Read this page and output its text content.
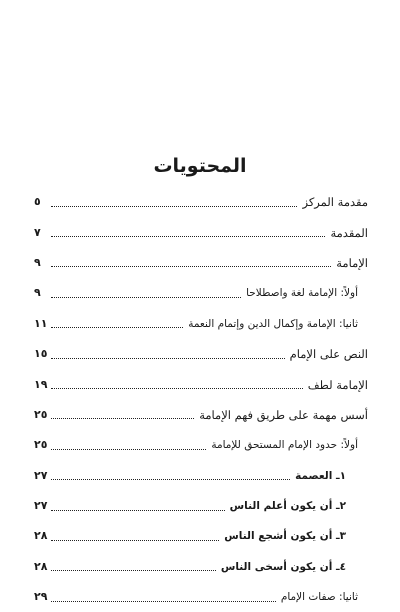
المحتويات
مقدمة المركز
٥
المقدمة
٧
الإمامة
٩
أولاً: الإمامة لغة واصطلاحا
٩
ثانيا: الإمامة وإكمال الدين وإتمام النعمة
١١
النص على الإمام
١٥
الإمامة لطف
١٩
أسس مهمة على طريق فهم الإمامة
٢٥
أولاً: حدود الإمام المستحق للإمامة
٢٥
١ـ العصمة
٢٧
٢ـ أن يكون أعلم الناس
٢٧
٣ـ أن يكون أشجع الناس
٢٨
٤ـ أن يكون أسخى الناس
٢٨
ثانيا: صفات الإمام
٢٩
